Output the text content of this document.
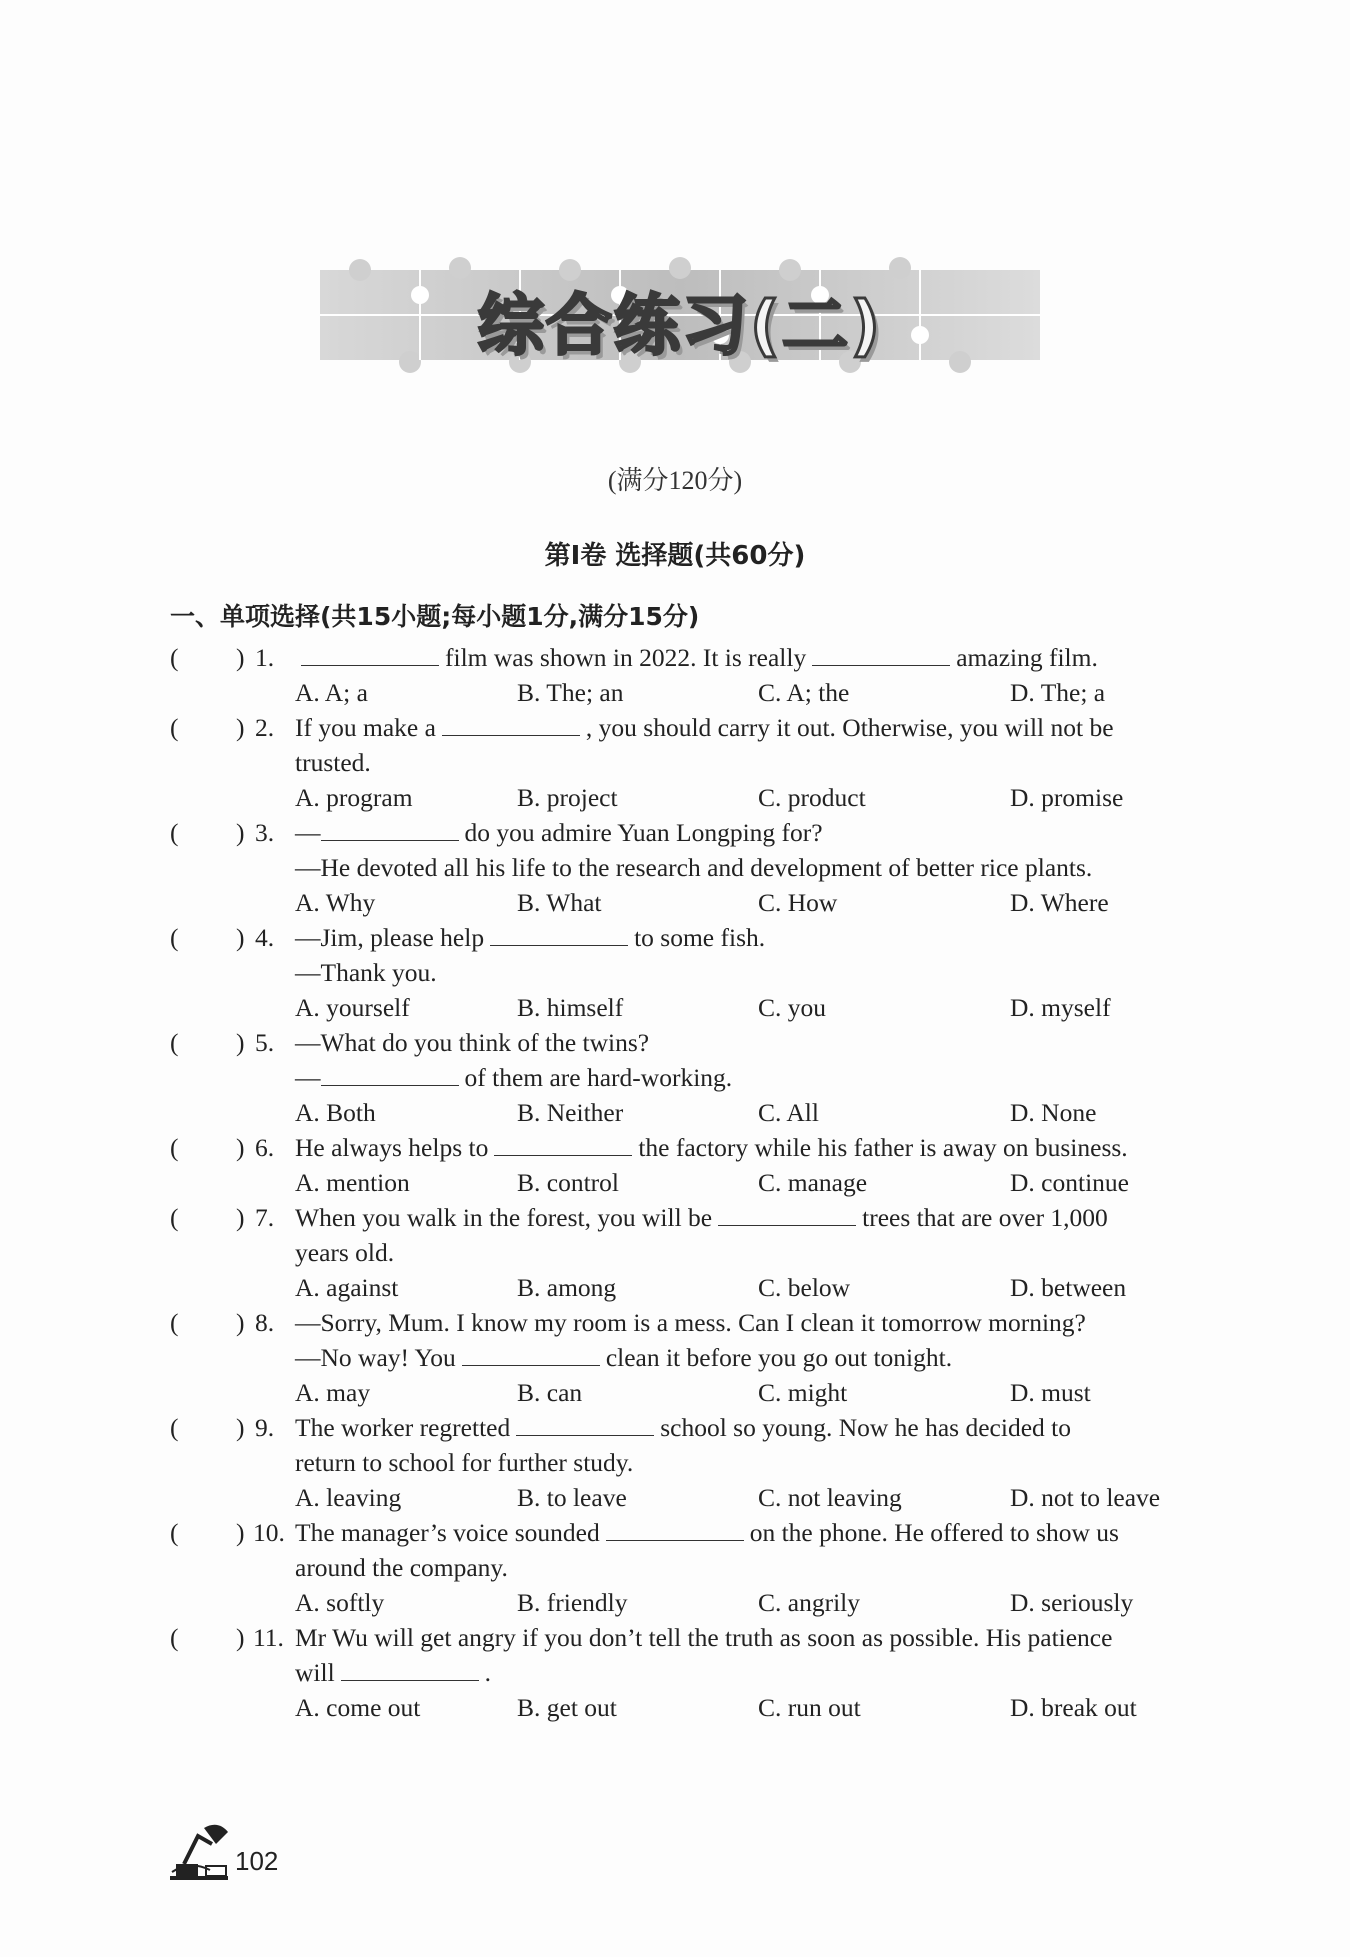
综合练习(二)
(满分120分)
第Ⅰ卷 选择题(共60分)
一、单项选择(共15小题;每小题1分,满分15分)
( ) 1.	film was shown in 2022. It is really	amazing film.
A. A; a	B. The; an	C. A; the	D. The; a
( ) 2. If you make a	, you should carry it out. Otherwise, you will not be
trusted.
A. program	B. project	C. product	D. promise
( ) 3. —	do you admire Yuan Longping for?
—He devoted all his life to the research and development of better rice plants.
A. Why	B. What	C. How	D. Where
( ) 4. —Jim, please help	to some fish.
—Thank you.
A. yourself	B. himself	C. you	D. myself
( ) 5. —What do you think of the twins?
—	of them are hard-working.
A. Both	B. Neither	C. All	D. None
( ) 6. He always helps to	the factory while his father is away on business.
A. mention	B. control	C. manage	D. continue
( ) 7. When you walk in the forest, you will be	trees that are over 1,000
years old.
A. against	B. among	C. below	D. between
( ) 8. —Sorry, Mum. I know my room is a mess. Can I clean it tomorrow morning?
—No way! You	clean it before you go out tonight.
A. may	B. can	C. might	D. must
( ) 9. The worker regretted	school so young. Now he has decided to
return to school for further study.
A. leaving	B. to leave	C. not leaving	D. not to leave
( ) 10. The manager’s voice sounded	on the phone. He offered to show us
around the company.
A. softly	B. friendly	C. angrily	D. seriously
( ) 11. Mr Wu will get angry if you don’t tell the truth as soon as possible. His patience
will	.
A. come out	B. get out	C. run out	D. break out
102
